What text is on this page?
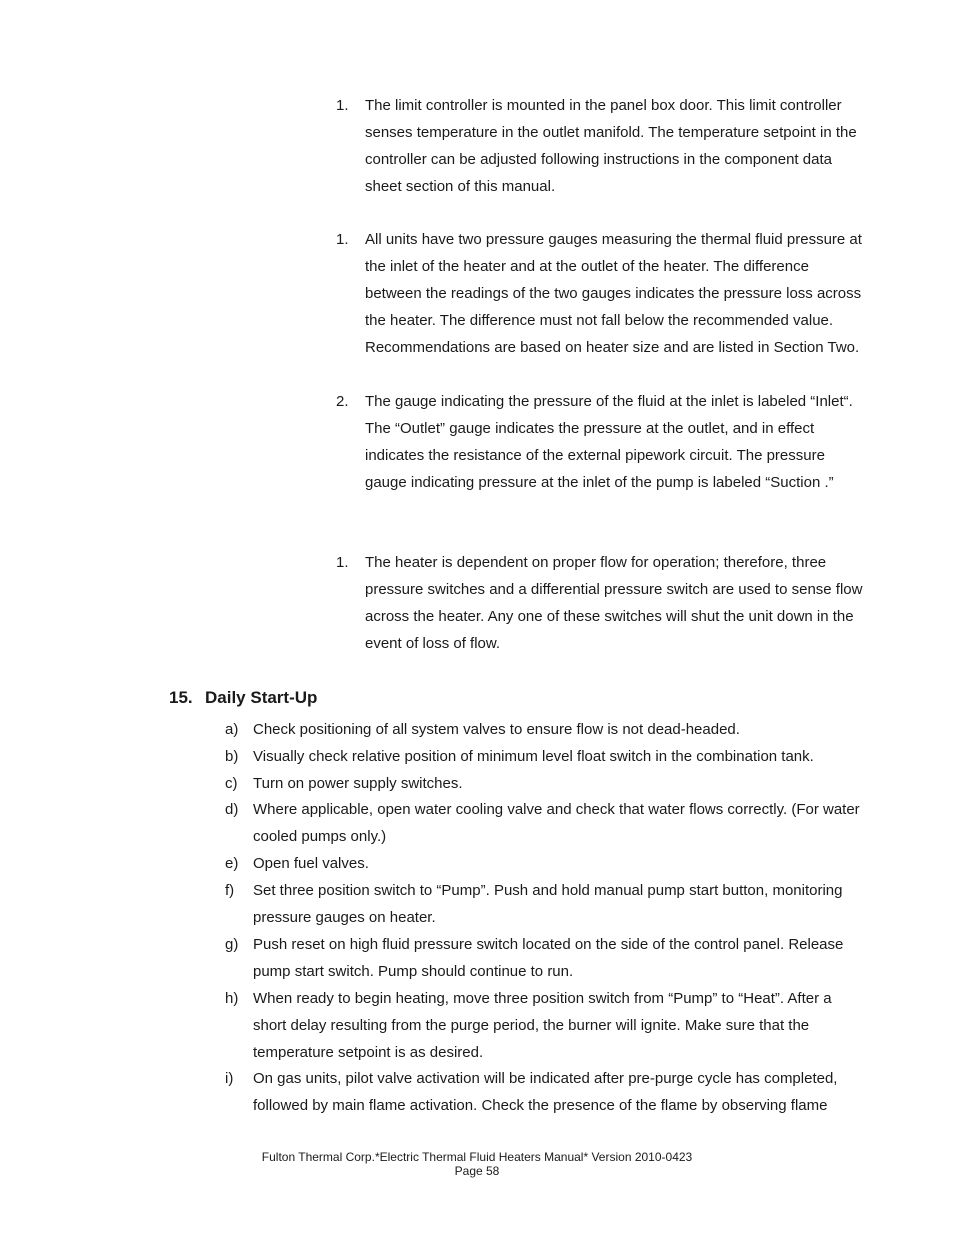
1. The limit controller is mounted in the panel box door. This limit controller senses temperature in the outlet manifold. The temperature setpoint in the controller can be adjusted following instructions in the component data sheet section of this manual.
1. All units have two pressure gauges measuring the thermal fluid pressure at the inlet of the heater and at the outlet of the heater. The difference between the readings of the two gauges indicates the pressure loss across the heater. The difference must not fall below the recommended value. Recommendations are based on heater size and are listed in Section Two.
2. The gauge indicating the pressure of the fluid at the inlet is labeled “Inlet“. The “Outlet” gauge indicates the pressure at the outlet, and in effect indicates the resistance of the external pipework circuit. The pressure gauge indicating pressure at the inlet of the pump is labeled “Suction .”
1. The heater is dependent on proper flow for operation; therefore, three pressure switches and a differential pressure switch are used to sense flow across the heater. Any one of these switches will shut the unit down in the event of loss of flow.
15. Daily Start-Up
a) Check positioning of all system valves to ensure flow is not dead-headed.
b) Visually check relative position of minimum level float switch in the combination tank.
c) Turn on power supply switches.
d) Where applicable, open water cooling valve and check that water flows correctly. (For water cooled pumps only.)
e) Open fuel valves.
f) Set three position switch to “Pump”. Push and hold manual pump start button, monitoring pressure gauges on heater.
g) Push reset on high fluid pressure switch located on the side of the control panel. Release pump start switch. Pump should continue to run.
h) When ready to begin heating, move three position switch from “Pump” to “Heat”. After a short delay resulting from the purge period, the burner will ignite. Make sure that the temperature setpoint is as desired.
i) On gas units, pilot valve activation will be indicated after pre-purge cycle has completed, followed by main flame activation. Check the presence of the flame by observing flame
Fulton Thermal Corp.*Electric Thermal Fluid Heaters Manual* Version 2010-0423
Page 58
